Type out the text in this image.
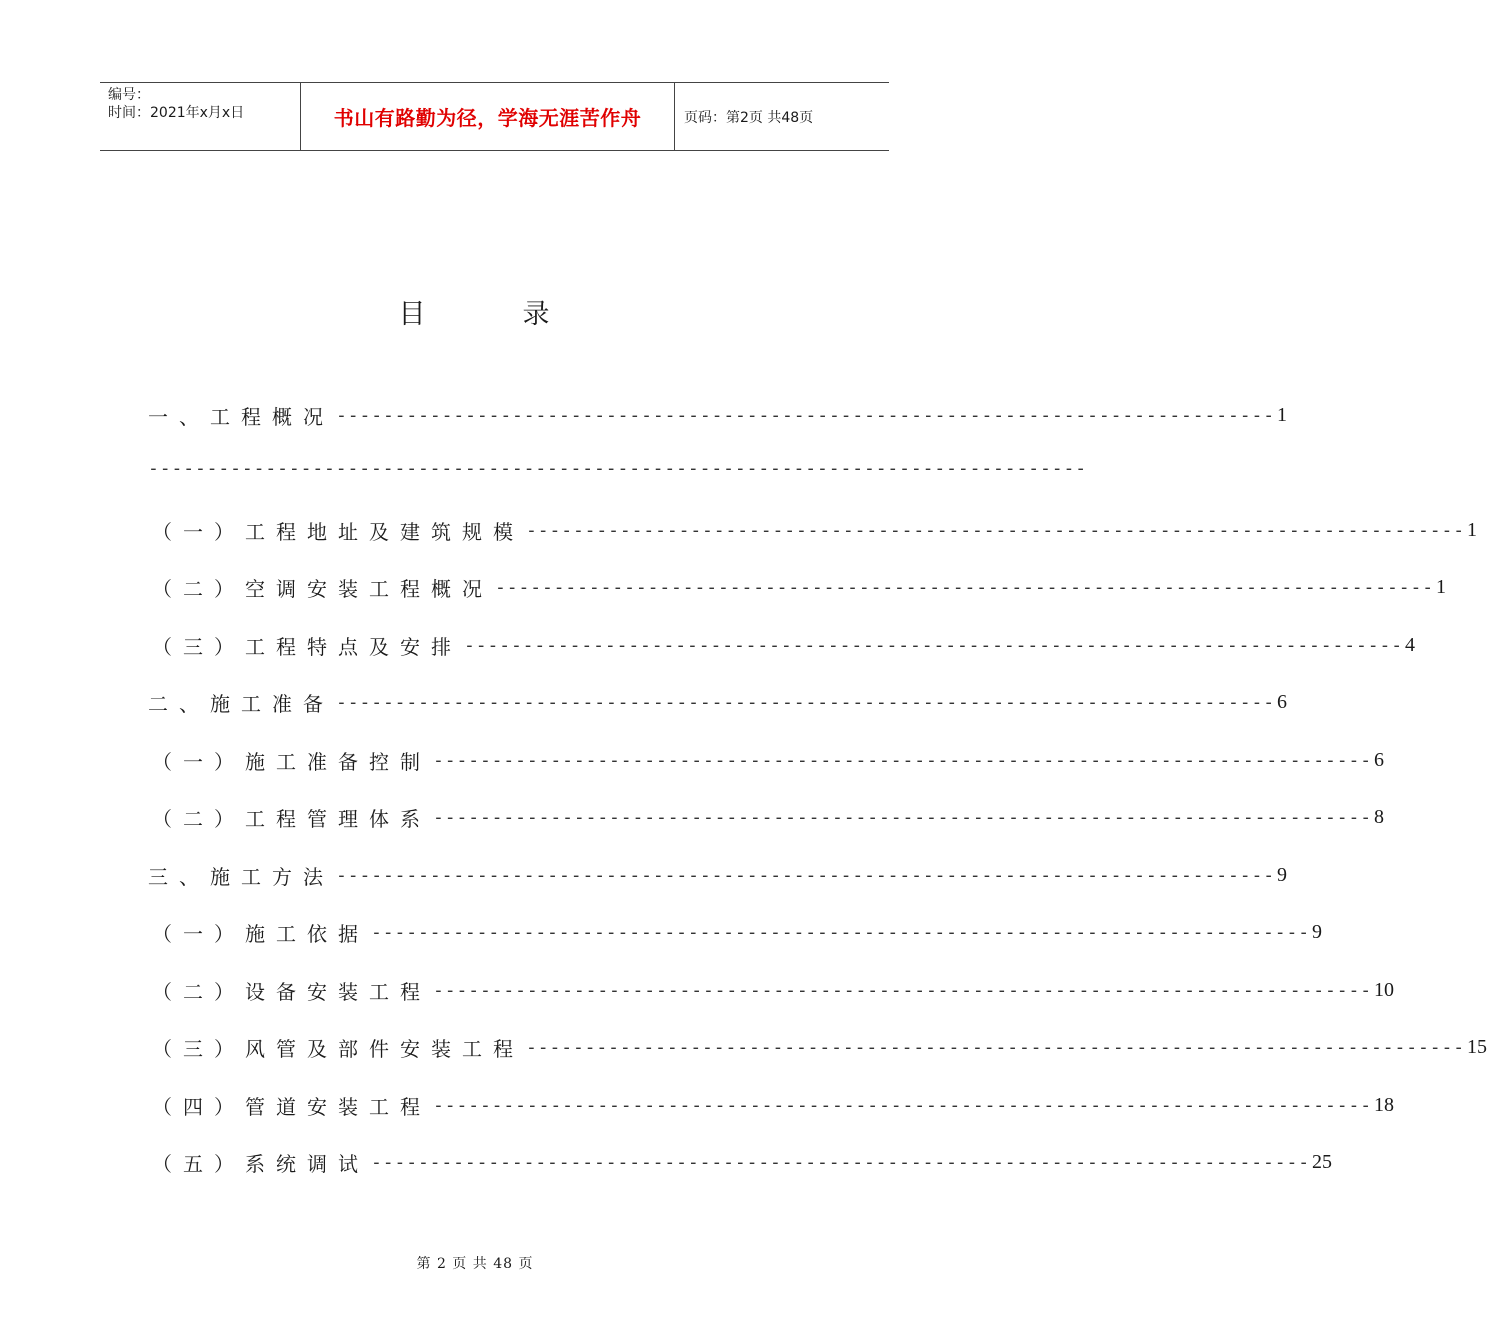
编号：
时间：2021年x月x日	书山有路勤为径，学海无涯苦作舟	页码：第2页 共48页
目	录
一、工程概况 -------------------------------------------------------------------------------- 1
--------------------------------------------------------------------------------
（一）工程地址及建筑规模 -------------------------------------------------------------------------------- 1
（二）空调安装工程概况 -------------------------------------------------------------------------------- 1
（三）工程特点及安排 -------------------------------------------------------------------------------- 4
二、施工准备 -------------------------------------------------------------------------------- 6
（一）施工准备控制 -------------------------------------------------------------------------------- 6
（二）工程管理体系 -------------------------------------------------------------------------------- 8
三、施工方法 -------------------------------------------------------------------------------- 9
（一）施工依据 -------------------------------------------------------------------------------- 9
（二）设备安装工程 -------------------------------------------------------------------------------- 10
（三）风管及部件安装工程 -------------------------------------------------------------------------------- 15
（四）管道安装工程 -------------------------------------------------------------------------------- 18
（五）系统调试 -------------------------------------------------------------------------------- 25
第 2 页 共 48 页
